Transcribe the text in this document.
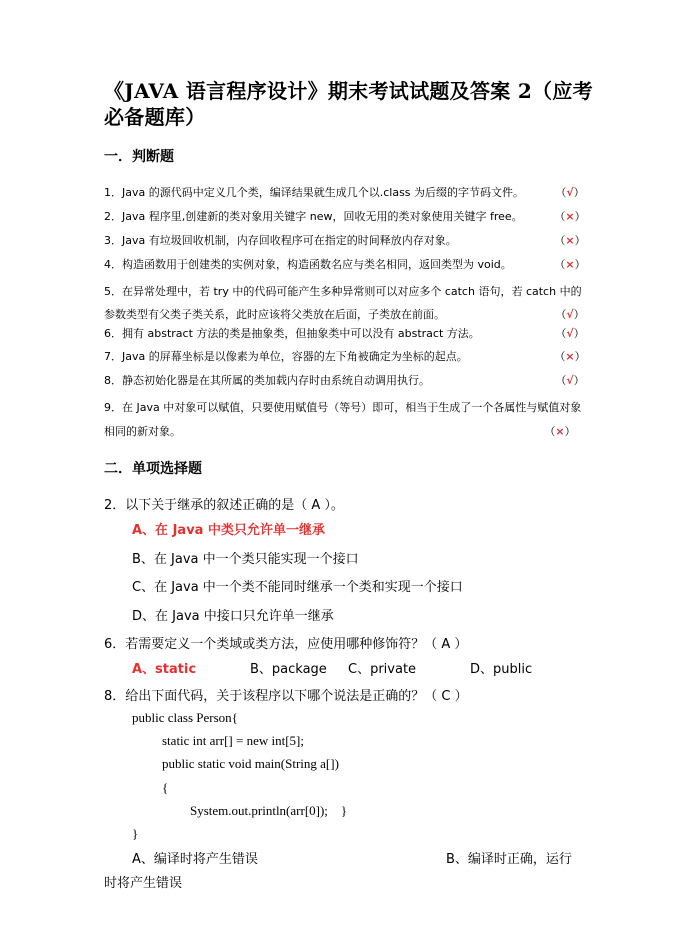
《JAVA 语言程序设计》期末考试试题及答案 2（应考必备题库）
一．判断题
1．Java 的源代码中定义几个类，编译结果就生成几个以.class 为后缀的字节码文件。	（√）
2．Java 程序里,创建新的类对象用关键字 new，回收无用的类对象使用关键字 free。	（×）
3．Java 有垃圾回收机制，内存回收程序可在指定的时间释放内存对象。	（×）
4．构造函数用于创建类的实例对象，构造函数名应与类名相同，返回类型为 void。	（×）
5．在异常处理中，若 try 中的代码可能产生多种异常则可以对应多个 catch 语句，若 catch 中的参数类型有父类子类关系，此时应该将父类放在后面，子类放在前面。	（√）
6．拥有 abstract 方法的类是抽象类，但抽象类中可以没有 abstract 方法。	（√）
7．Java 的屏幕坐标是以像素为单位，容器的左下角被确定为坐标的起点。	（×）
8．静态初始化器是在其所属的类加载内存时由系统自动调用执行。	（√）
9．在 Java 中对象可以赋值，只要使用赋值号（等号）即可，相当于生成了一个各属性与赋值对象相同的新对象。	（×）
二．单项选择题
2．以下关于继承的叙述正确的是（ A ）。
A、在 Java 中类只允许单一继承
B、在 Java 中一个类只能实现一个接口
C、在 Java 中一个类不能同时继承一个类和实现一个接口
D、在 Java 中接口只允许单一继承
6．若需要定义一个类域或类方法，应使用哪种修饰符？（ A ）
A、static	B、package C、private	D、public
8．给出下面代码，关于该程序以下哪个说法是正确的？（ C ）
public class Person{
static int arr[] = new int[5];
public static void main(String a[])
{
System.out.println(arr[0]);    }
}
A、编译时将产生错误	B、编译时正确，运行
时将产生错误
